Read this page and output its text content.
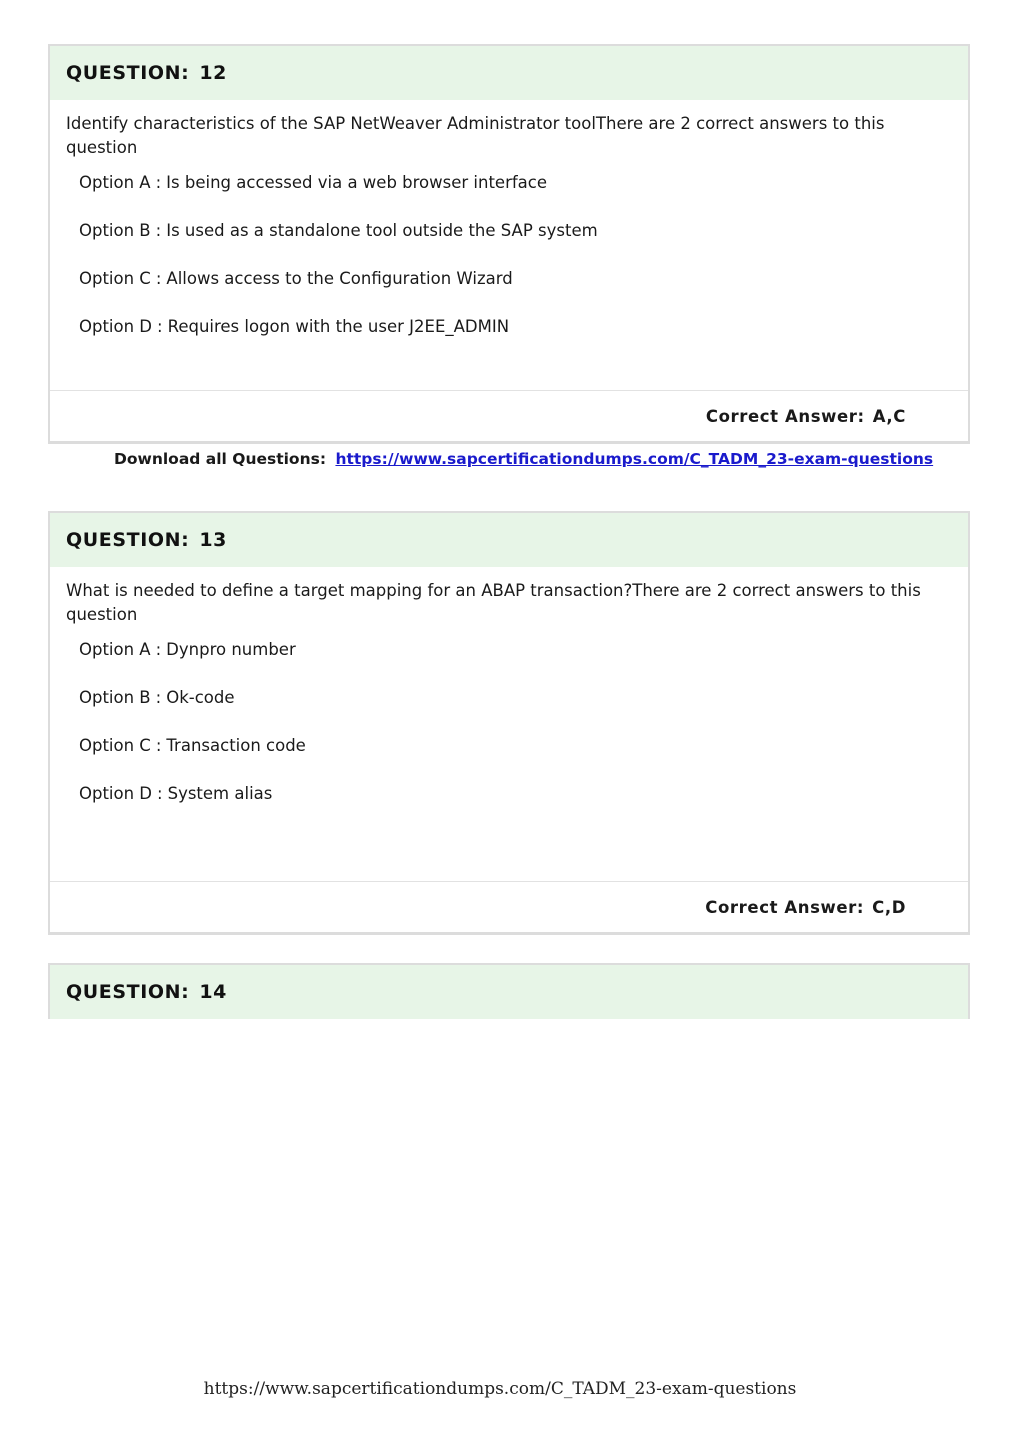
QUESTION: 12

Identify characteristics of the SAP NetWeaver Administrator toolThere are 2 correct answers to this question

Option A : Is being accessed via a web browser interface
Option B : Is used as a standalone tool outside the SAP system
Option C : Allows access to the Configuration Wizard
Option D : Requires logon with the user J2EE_ADMIN
Correct Answer: A,C
Download all Questions: https://www.sapcertificationdumps.com/C_TADM_23-exam-questions
QUESTION: 13

What is needed to define a target mapping for an ABAP transaction?There are 2 correct answers to this question

Option A : Dynpro number
Option B : Ok-code
Option C : Transaction code
Option D : System alias
Correct Answer: C,D
QUESTION: 14
https://www.sapcertificationdumps.com/C_TADM_23-exam-questions
